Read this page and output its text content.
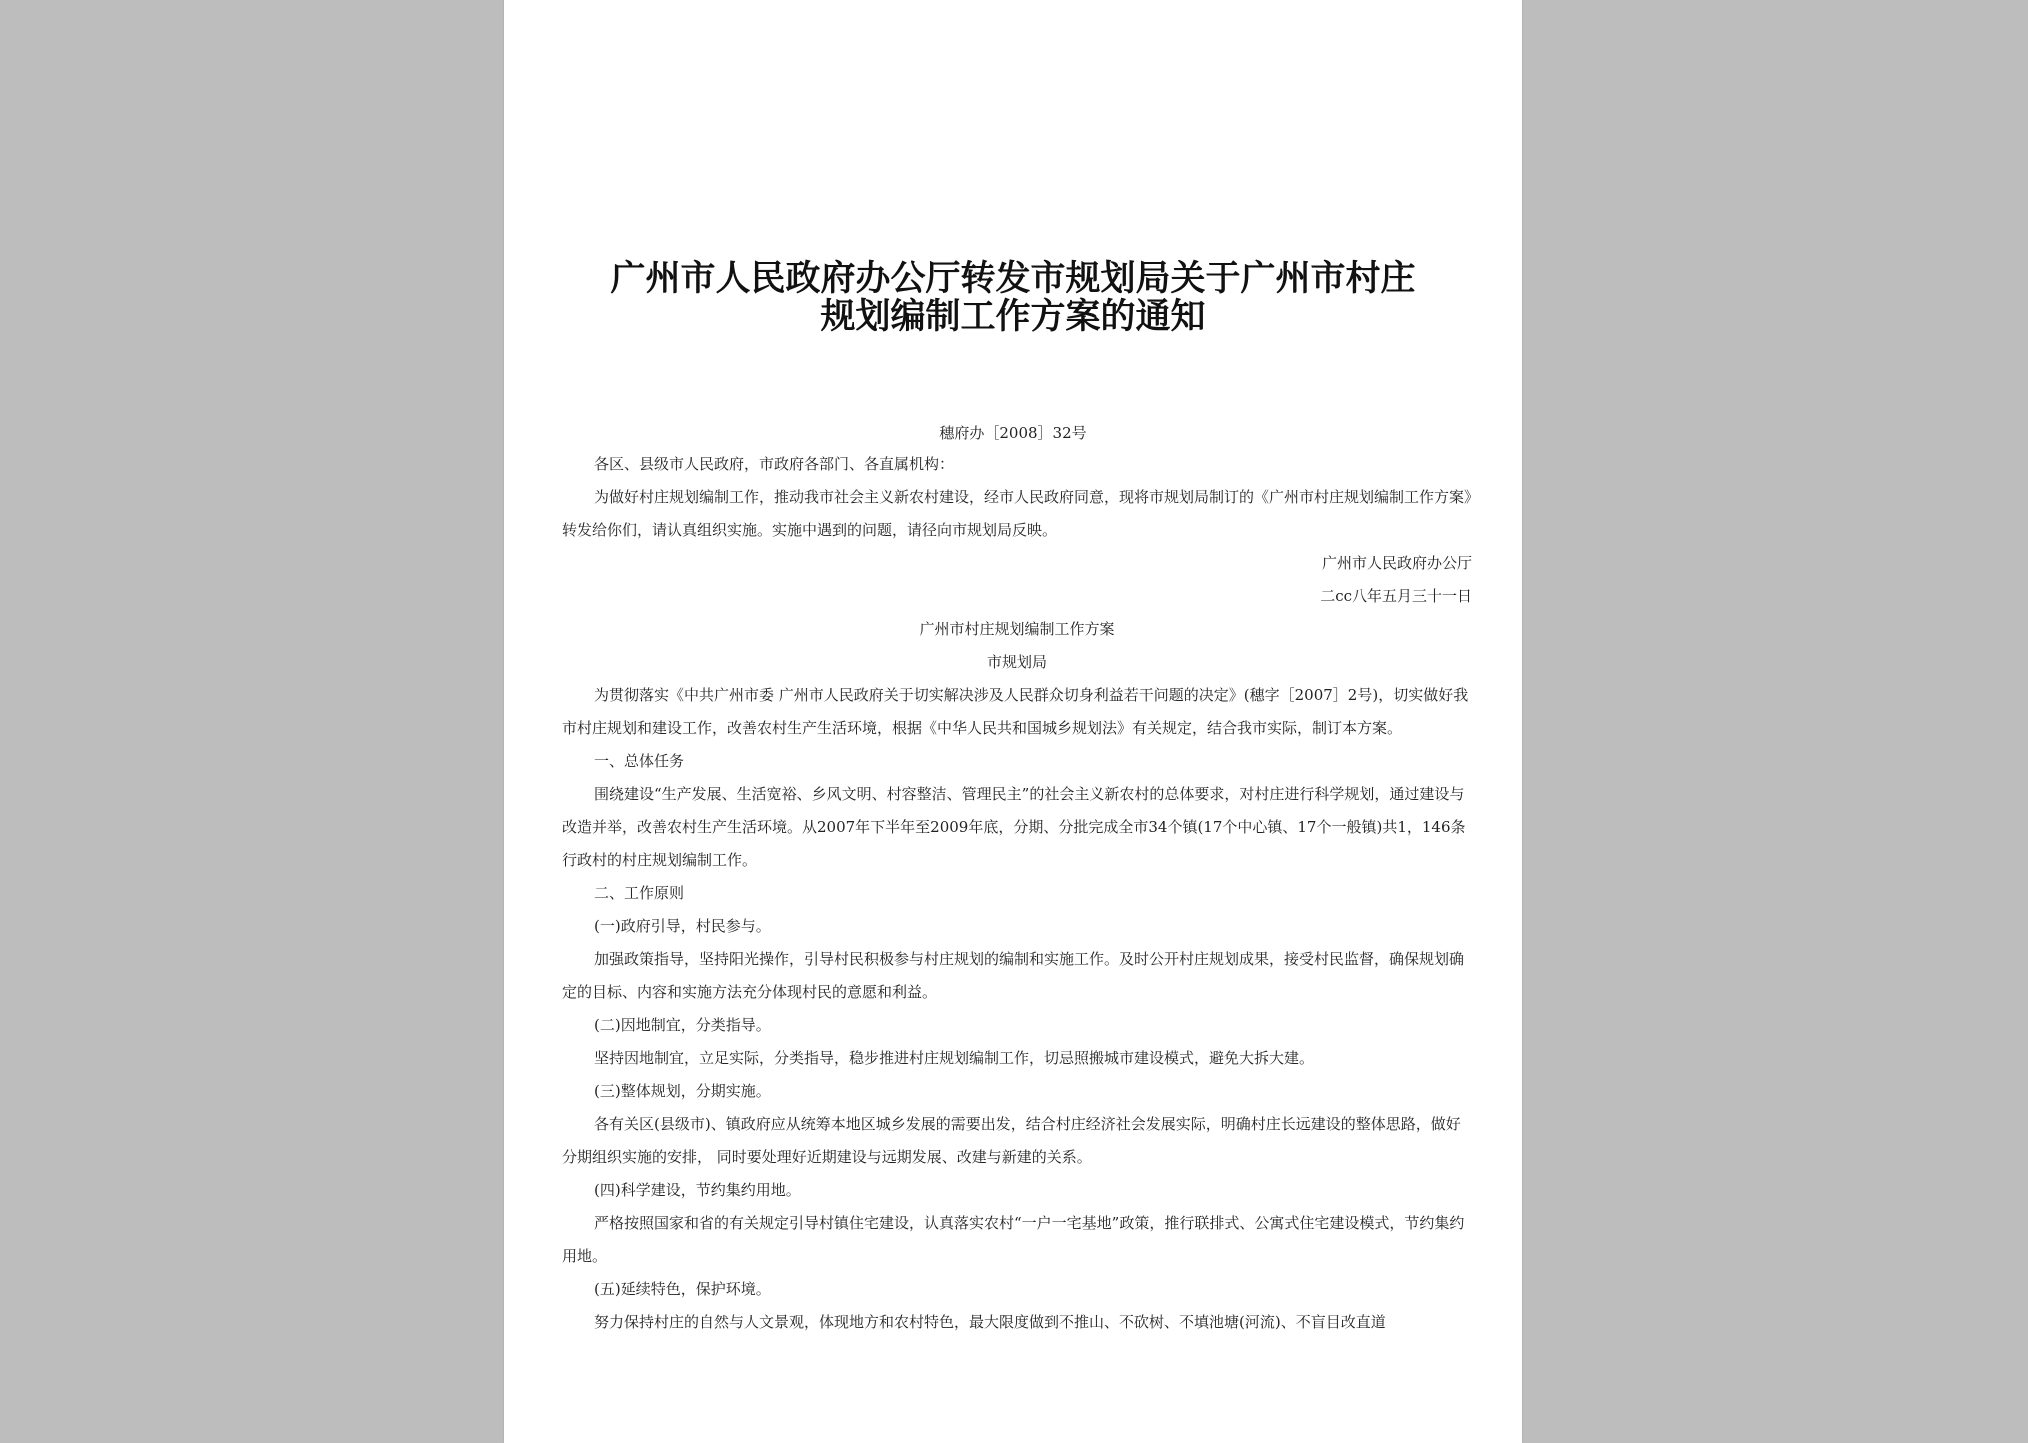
广州市人民政府办公厅转发市规划局关于广州市村庄
规划编制工作方案的通知
穗府办［2008］32号

各区、县级市人民政府，市政府各部门、各直属机构：

为做好村庄规划编制工作，推动我市社会主义新农村建设，经市人民政府同意，现将市规划局制订的《广州市村庄规划编制工作方案》转发给你们，请认真组织实施。实施中遇到的问题，请径向市规划局反映。

广州市人民政府办公厅

二cc八年五月三十一日

广州市村庄规划编制工作方案

市规划局

为贯彻落实《中共广州市委 广州市人民政府关于切实解决涉及人民群众切身利益若干问题的决定》(穗字［2007］2号)，切实做好我市村庄规划和建设工作，改善农村生产生活环境，根据《中华人民共和国城乡规划法》有关规定，结合我市实际，制订本方案。

一、总体任务

围绕建设“生产发展、生活宽裕、乡风文明、村容整洁、管理民主”的社会主义新农村的总体要求，对村庄进行科学规划，通过建设与改造并举，改善农村生产生活环境。从2007年下半年至2009年底，分期、分批完成全市34个镇(17个中心镇、17个一般镇)共1，146条行政村的村庄规划编制工作。

二、工作原则

(一)政府引导，村民参与。

加强政策指导，坚持阳光操作，引导村民积极参与村庄规划的编制和实施工作。及时公开村庄规划成果，接受村民监督，确保规划确定的目标、内容和实施方法充分体现村民的意愿和利益。

(二)因地制宜，分类指导。

坚持因地制宜，立足实际，分类指导，稳步推进村庄规划编制工作，切忌照搬城市建设模式，避免大拆大建。

(三)整体规划，分期实施。

各有关区(县级市)、镇政府应从统筹本地区城乡发展的需要出发，结合村庄经济社会发展实际，明确村庄长远建设的整体思路，做好分期组织实施的安排， 同时要处理好近期建设与远期发展、改建与新建的关系。

(四)科学建设，节约集约用地。

严格按照国家和省的有关规定引导村镇住宅建设，认真落实农村“一户一宅基地”政策，推行联排式、公寓式住宅建设模式，节约集约用地。

(五)延续特色，保护环境。

努力保持村庄的自然与人文景观，体现地方和农村特色，最大限度做到不推山、不砍树、不填池塘(河流)、不盲目改直道
